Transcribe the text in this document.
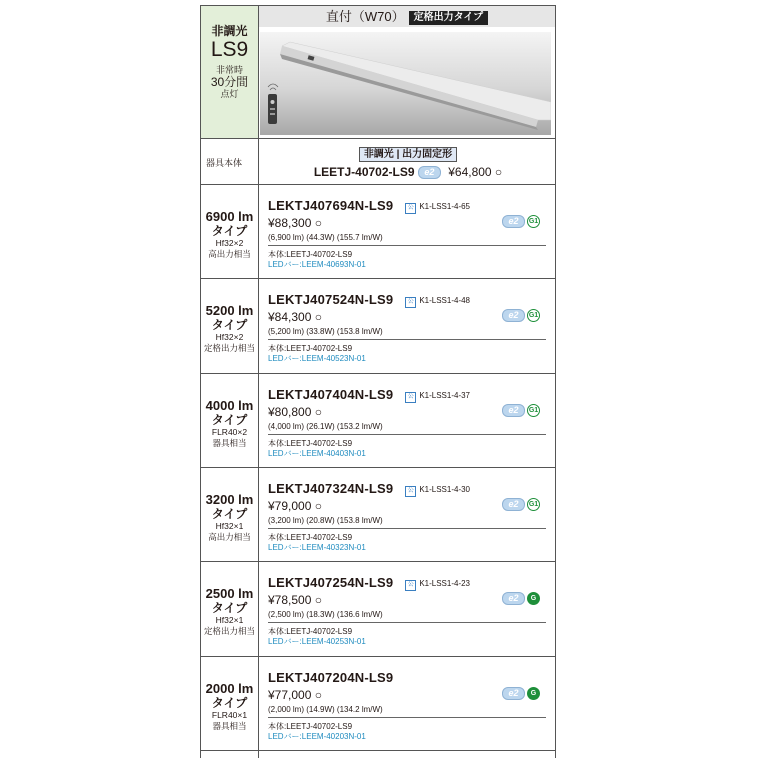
非調光
LS9
非常時
30分間
点灯
直付（W70） 定格出力タイプ
器具本体
非調光 | 出力固定形
LEETJ-40702-LS9 e2 ¥64,800 ○
6900 lm
タイプ
Hf32×2
高出力相当
LEKTJ407694N-LS9 公 K1-LSS1-4-65
¥88,300 ○	e2 G1
(6,900 lm) (44.3W) (155.7 lm/W)
本体:LEETJ-40702-LS9
LEDバー:LEEM-40693N-01
5200 lm
タイプ
Hf32×2
定格出力相当
LEKTJ407524N-LS9 公 K1-LSS1-4-48
¥84,300 ○	e2 G1
(5,200 lm) (33.8W) (153.8 lm/W)
本体:LEETJ-40702-LS9
LEDバー:LEEM-40523N-01
4000 lm
タイプ
FLR40×2
器具相当
LEKTJ407404N-LS9 公 K1-LSS1-4-37
¥80,800 ○	e2 G1
(4,000 lm) (26.1W) (153.2 lm/W)
本体:LEETJ-40702-LS9
LEDバー:LEEM-40403N-01
3200 lm
タイプ
Hf32×1
高出力相当
LEKTJ407324N-LS9 公 K1-LSS1-4-30
¥79,000 ○	e2 G1
(3,200 lm) (20.8W) (153.8 lm/W)
本体:LEETJ-40702-LS9
LEDバー:LEEM-40323N-01
2500 lm
タイプ
Hf32×1
定格出力相当
LEKTJ407254N-LS9 公 K1-LSS1-4-23
¥78,500 ○	e2 G
(2,500 lm) (18.3W) (136.6 lm/W)
本体:LEETJ-40702-LS9
LEDバー:LEEM-40253N-01
2000 lm
タイプ
FLR40×1
器具相当
LEKTJ407204N-LS9
¥77,000 ○	e2 G
(2,000 lm) (14.9W) (134.2 lm/W)
本体:LEETJ-40702-LS9
LEDバー:LEEM-40203N-01
